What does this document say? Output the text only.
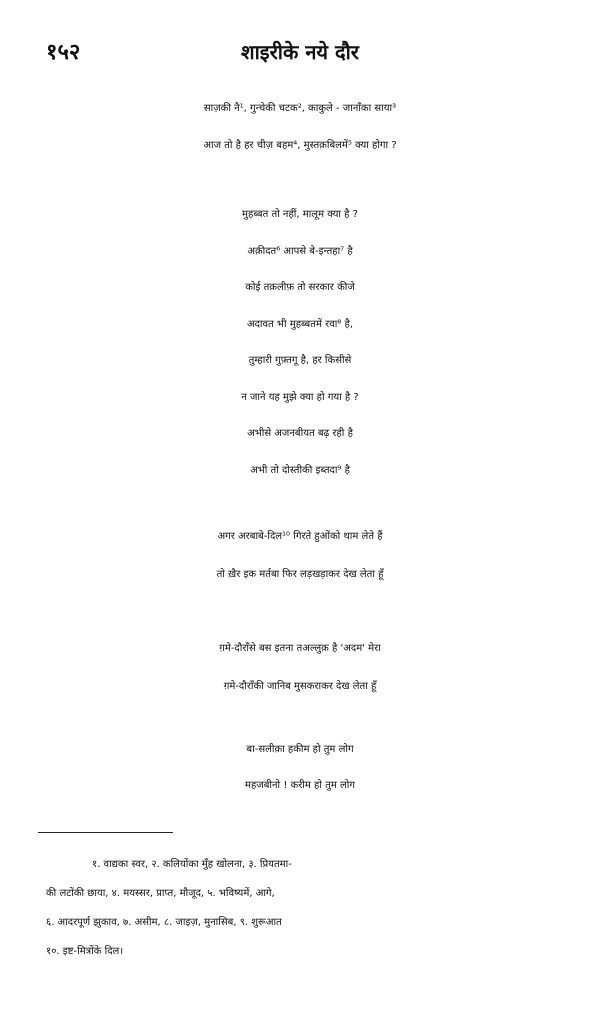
१५२	शाइरीके नये दौर
साज़की नै¹, गुन्चेकी चटक², काकुले - जानाँका साया³
आज तो है हर चीज़ बहम⁴, मुस्तक़बिलमें⁵ क्या होगा ?
मुहब्बत तो नहीं, मालूम क्या है ?
अक़ीदत⁶ आपसे बे-इन्तहा⁷ है
कोई तक़लीफ़ तो सरकार कीजे
अदावत भी मुहब्बतमें रवा⁸ है,
तुम्हारी गुफ़्तगू है, हर किसीसे
न जाने यह मुझे क्या हो गया है ?
अभीसे अजनबीयत बढ़ रही है
अभी तो दोस्तीकी इब्तदा⁹ है
अगर अरबाबे-दिल¹⁰ गिरते हुओंको थाम लेते हैं
तो ख़ैर इक मर्तबा फिर लड़खड़ाकर देख लेता हूँ
ग़मे-दौराँसे बस इतना तअल्लुक़ है 'अदम' मेरा
ग़मे-दौराँकी जानिब मुसकराकर देख लेता हूँ
बा-सलीक़ा हकीम हो तुम लोग
महजबीनो ! करीम हो तुम लोग
१. वाद्यका स्वर, २. कलियोंका मुँह खोलना, ३. प्रियतमा-
की लटोंकी छाया, ४. मयस्सर, प्राप्त, मौजूद, ५. भविष्यमें, आगे,
६. आदरपूर्ण झुकाव, ७. असीम, ८. जाइज़, मुनासिब, ९. शुरूआत
१०. इष्ट-मित्रोंके दिल।
